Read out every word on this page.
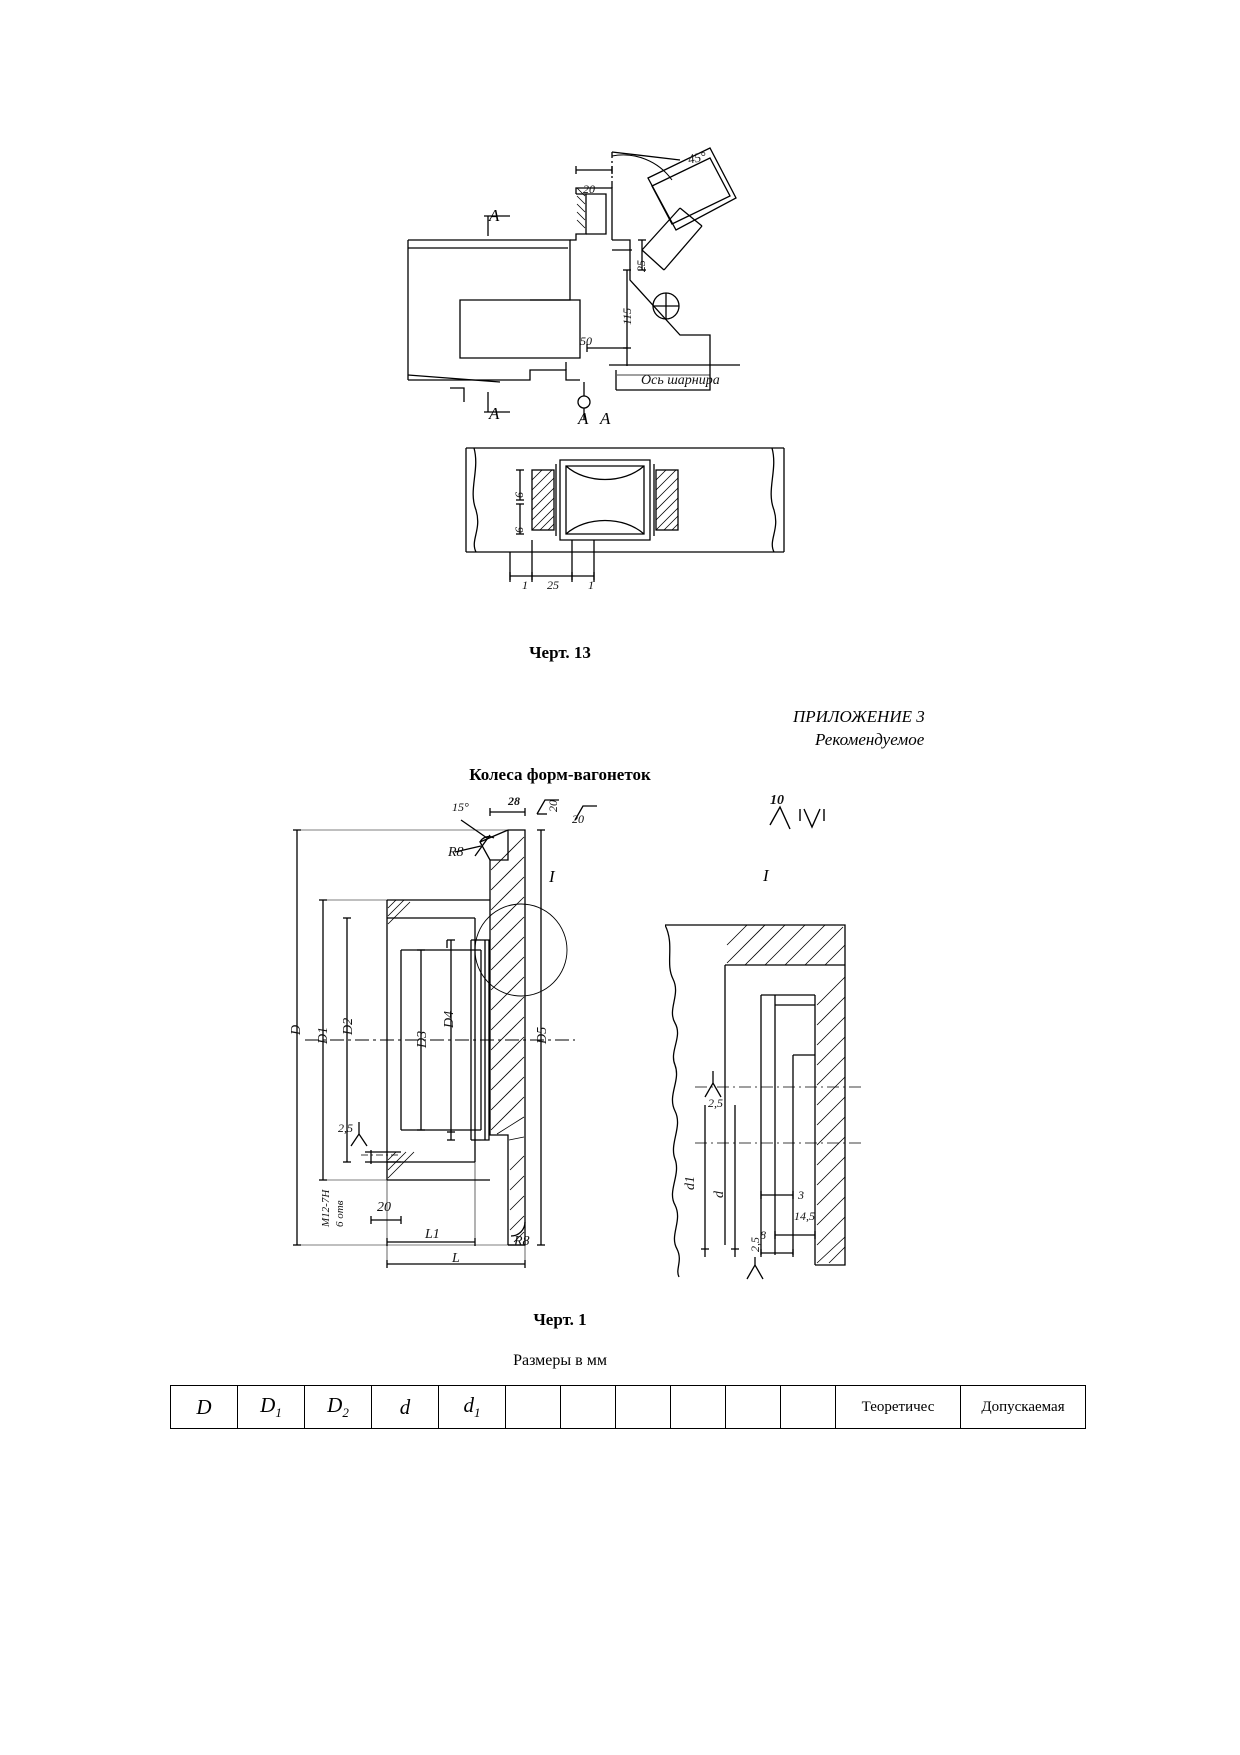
45°
20
25
115
50
Ось шарнира
A
A	A A
6
6
1 25 1
Черт. 13
ПРИЛОЖЕНИЕ 3
Рекомендуемое
Колеса форм-вагонеток
15°	28 20
20
R8
R8
I
10
I
D D1
D2
D3
D4
D5
2,5
M12-7H 6 отв 20
L1
L
2,5
d1
d	3
14,5
8
2,5
Черт. 1
Размеры в мм
D	$D_1$	$D_2$	d	$d_1$							Теоретичес	Допускаемая
